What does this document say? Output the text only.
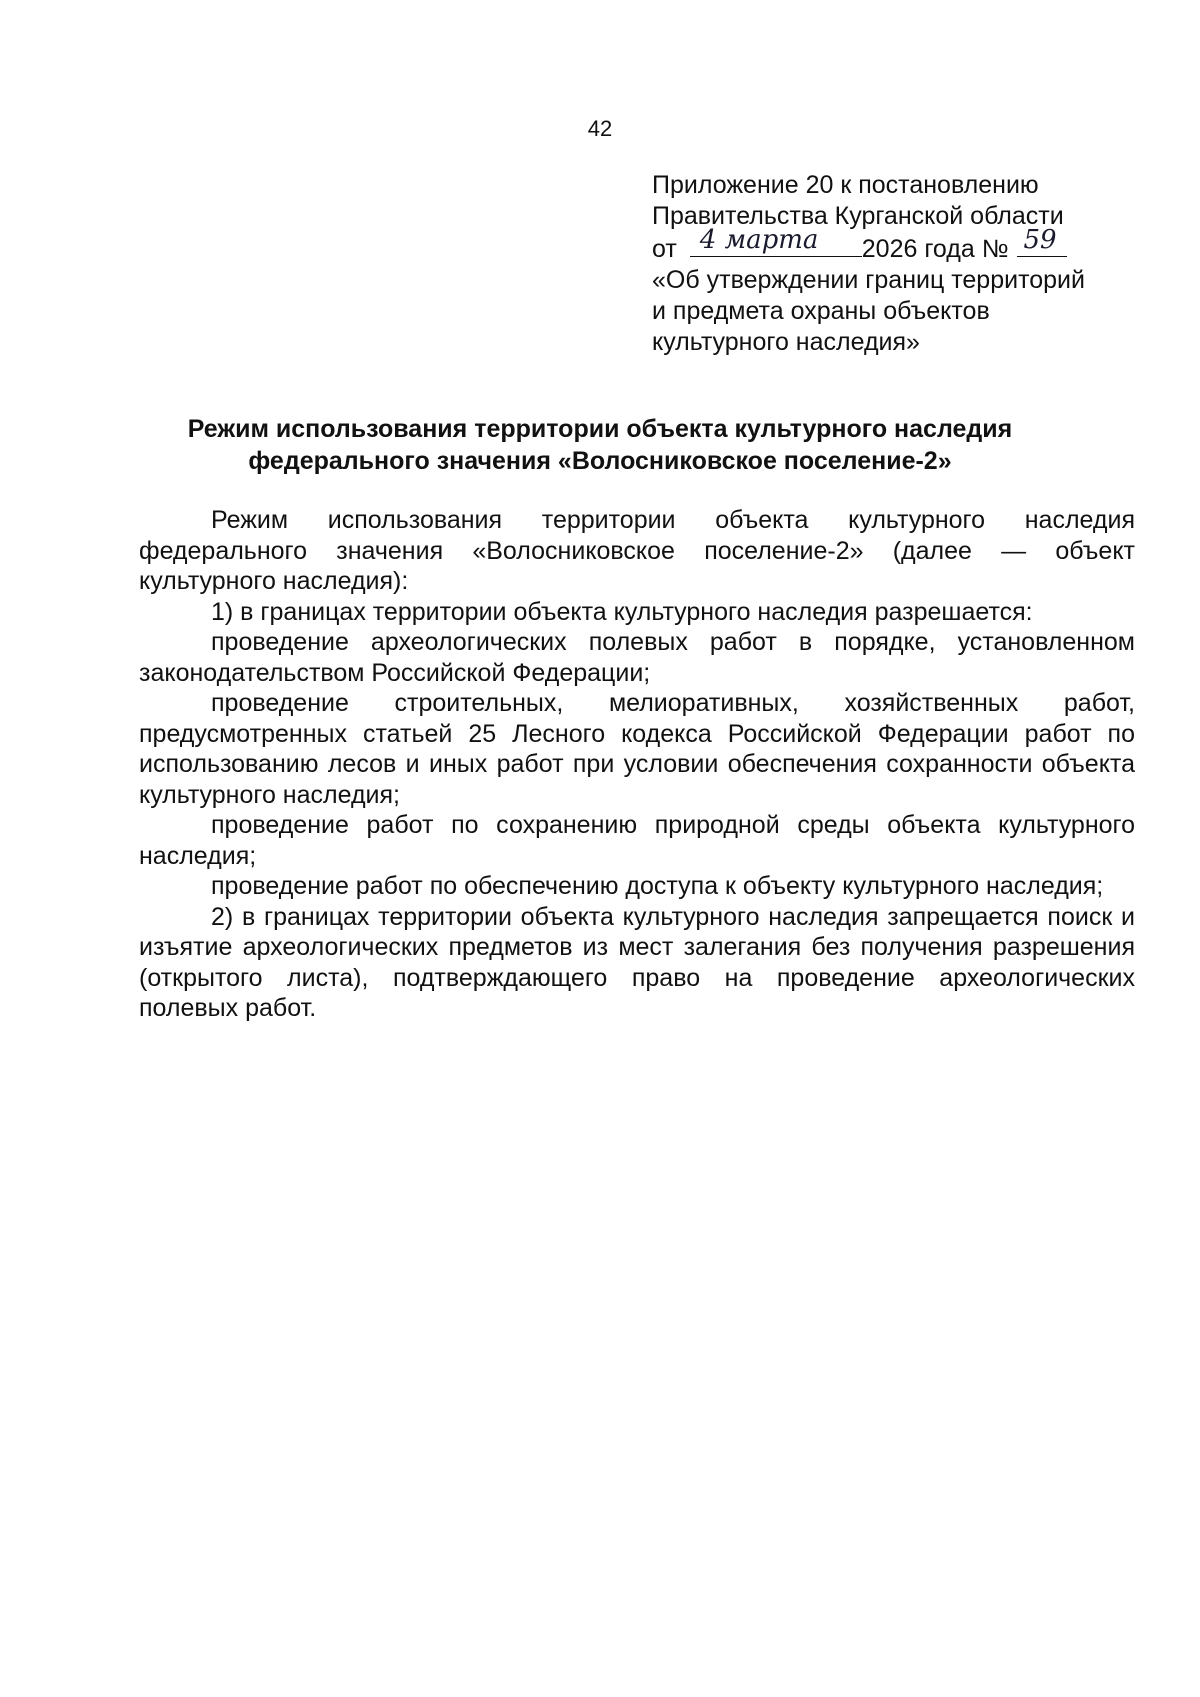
42
Приложение 20 к постановлению
Правительства Курганской области
от 4 марта 2026 года № 59
«Об утверждении границ территорий
и предмета охраны объектов
культурного наследия»
Режим использования территории объекта культурного наследия
федерального значения «Волосниковское поселение-2»
Режим использования территории объекта культурного наследия федерального значения «Волосниковское поселение-2» (далее — объект культурного наследия):
1) в границах территории объекта культурного наследия разрешается:
проведение археологических полевых работ в порядке, установленном законодательством Российской Федерации;
проведение строительных, мелиоративных, хозяйственных работ, предусмотренных статьей 25 Лесного кодекса Российской Федерации работ по использованию лесов и иных работ при условии обеспечения сохранности объекта культурного наследия;
проведение работ по сохранению природной среды объекта культурного наследия;
проведение работ по обеспечению доступа к объекту культурного наследия;
2) в границах территории объекта культурного наследия запрещается поиск и изъятие археологических предметов из мест залегания без получения разрешения (открытого листа), подтверждающего право на проведение археологических полевых работ.
